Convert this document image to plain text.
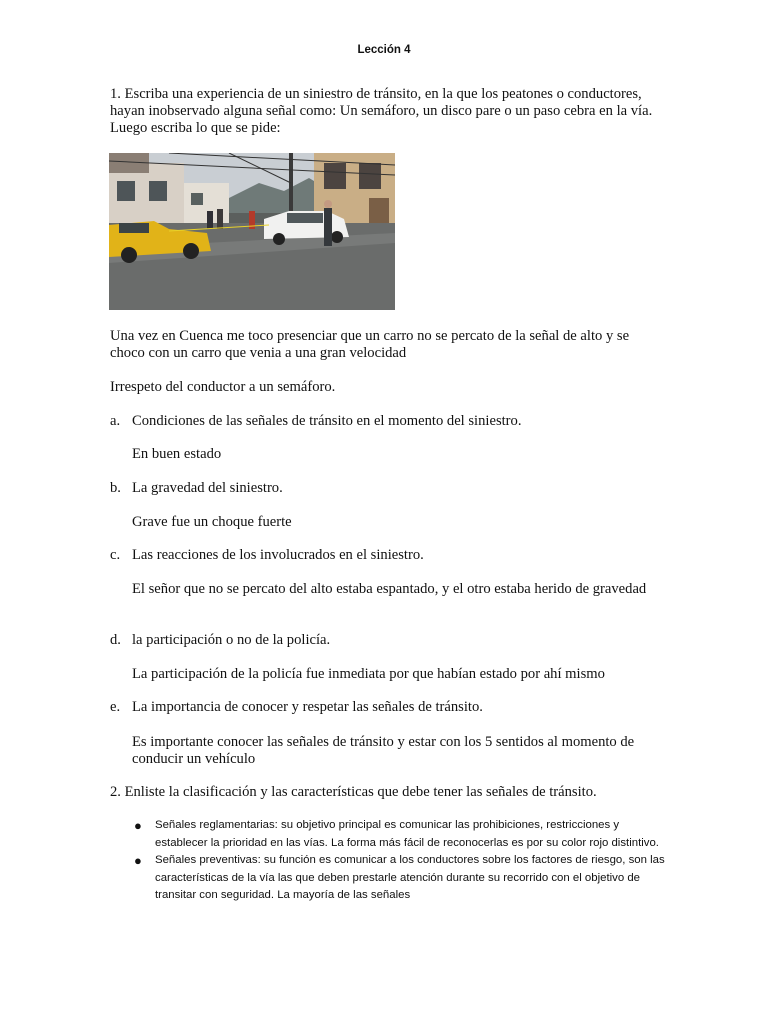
Lección 4
1. Escriba una experiencia de un siniestro de tránsito, en la que los peatones o conductores, hayan inobservado alguna señal como: Un semáforo, un disco pare o un paso cebra en la vía. Luego escriba lo que se pide:
Una vez en Cuenca me toco presenciar que un carro no se percato de la señal de alto y se choco con un carro que venia a una gran velocidad
Irrespeto del conductor a un semáforo.
a. Condiciones de las señales de tránsito en el momento del siniestro.
En buen estado
b. La gravedad del siniestro.
Grave fue un choque fuerte
c. Las reacciones de los involucrados en el siniestro.
El señor que no se percato del alto estaba espantado, y el otro estaba herido de gravedad
d. la participación o no de la policía.
La participación de la policía fue inmediata por que habían estado por ahí mismo
e. La importancia de conocer y respetar las señales de tránsito.
Es importante conocer las señales de tránsito y estar con los 5 sentidos al momento de conducir un vehículo
2. Enliste la clasificación y las características que debe tener las señales de tránsito.

● Señales reglamentarias: su objetivo principal es comunicar las prohibiciones, restricciones y establecer la prioridad en las vías. La forma más fácil de reconocerlas es por su color rojo distintivo.

● Señales preventivas: su función es comunicar a los conductores sobre los factores de riesgo, son las características de la vía las que deben prestarle atención durante su recorrido con el objetivo de transitar con seguridad. La mayoría de las señales
